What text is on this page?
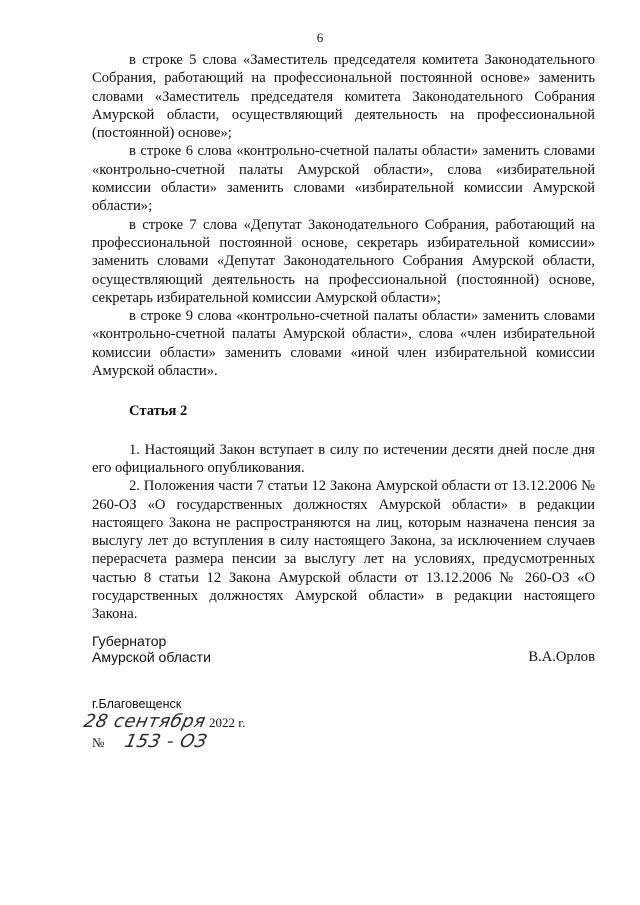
6

в строке 5 слова «Заместитель председателя комитета Законодательного Собрания, работающий на профессиональной постоянной основе» заменить словами «Заместитель председателя комитета Законодательного Собрания Амурской области, осуществляющий деятельность на профессиональной (постоянной) основе»;

в строке 6 слова «контрольно-счетной палаты области» заменить словами «контрольно-счетной палаты Амурской области», слова «избирательной комиссии области» заменить словами «избирательной комиссии Амурской области»;

в строке 7 слова «Депутат Законодательного Собрания, работающий на профессиональной постоянной основе, секретарь избирательной комиссии» заменить словами «Депутат Законодательного Собрания Амурской области, осуществляющий деятельность на профессиональной (постоянной) основе, секретарь избирательной комиссии Амурской области»;

в строке 9 слова «контрольно-счетной палаты области» заменить словами «контрольно-счетной палаты Амурской области», слова «член избирательной комиссии области» заменить словами «иной член избирательной комиссии Амурской области».

Статья 2

1. Настоящий Закон вступает в силу по истечении десяти дней после дня его официального опубликования.

2. Положения части 7 статьи 12 Закона Амурской области от 13.12.2006 № 260-ОЗ «О государственных должностях Амурской области» в редакции настоящего Закона не распространяются на лиц, которым назначена пенсия за выслугу лет до вступления в силу настоящего Закона, за исключением случаев перерасчета размера пенсии за выслугу лет на условиях, предусмотренных частью 8 статьи 12 Закона Амурской области от 13.12.2006 № 260-ОЗ «О государственных должностях Амурской области» в редакции настоящего Закона.

Губернатор
Амурской области	В.А.Орлов
г.Благовещенск
28 сентября 2022 г.
№ 153 - ОЗ
